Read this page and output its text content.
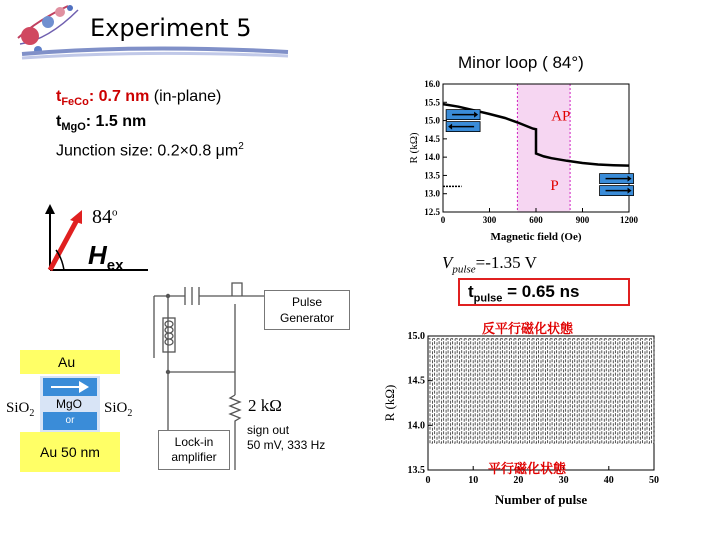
Experiment 5
Minor loop ( 84°)
$t_{FeCo}$: 0.7 nm (in-plane)
$t_{MgO}$: 1.5 nm
Junction size: 0.2×0.8 $\mu m^2$
84$^o$
$H_{ex}$
12.5
13.0
13.5
14.0
14.5
15.0
15.5
16.0
0	300	600	900	1200
Magnetic field (Oe)
R (kΩ)
AP
P
$V_{pulse}=-1.35$ V
$t_{pulse} = 0.65$ ns
反平行磁化状態
13.5
14.0
14.5
15.0
0	10	20	30	40	50
Number of pulse
R (kΩ)
平行磁化状態
Pulse
Generator
Lock-in
amplifier
2 kΩ
sign out
50 mV, 333 Hz
Au
MgO
or
SiO$_2$	SiO$_2$
Au 50 nm
